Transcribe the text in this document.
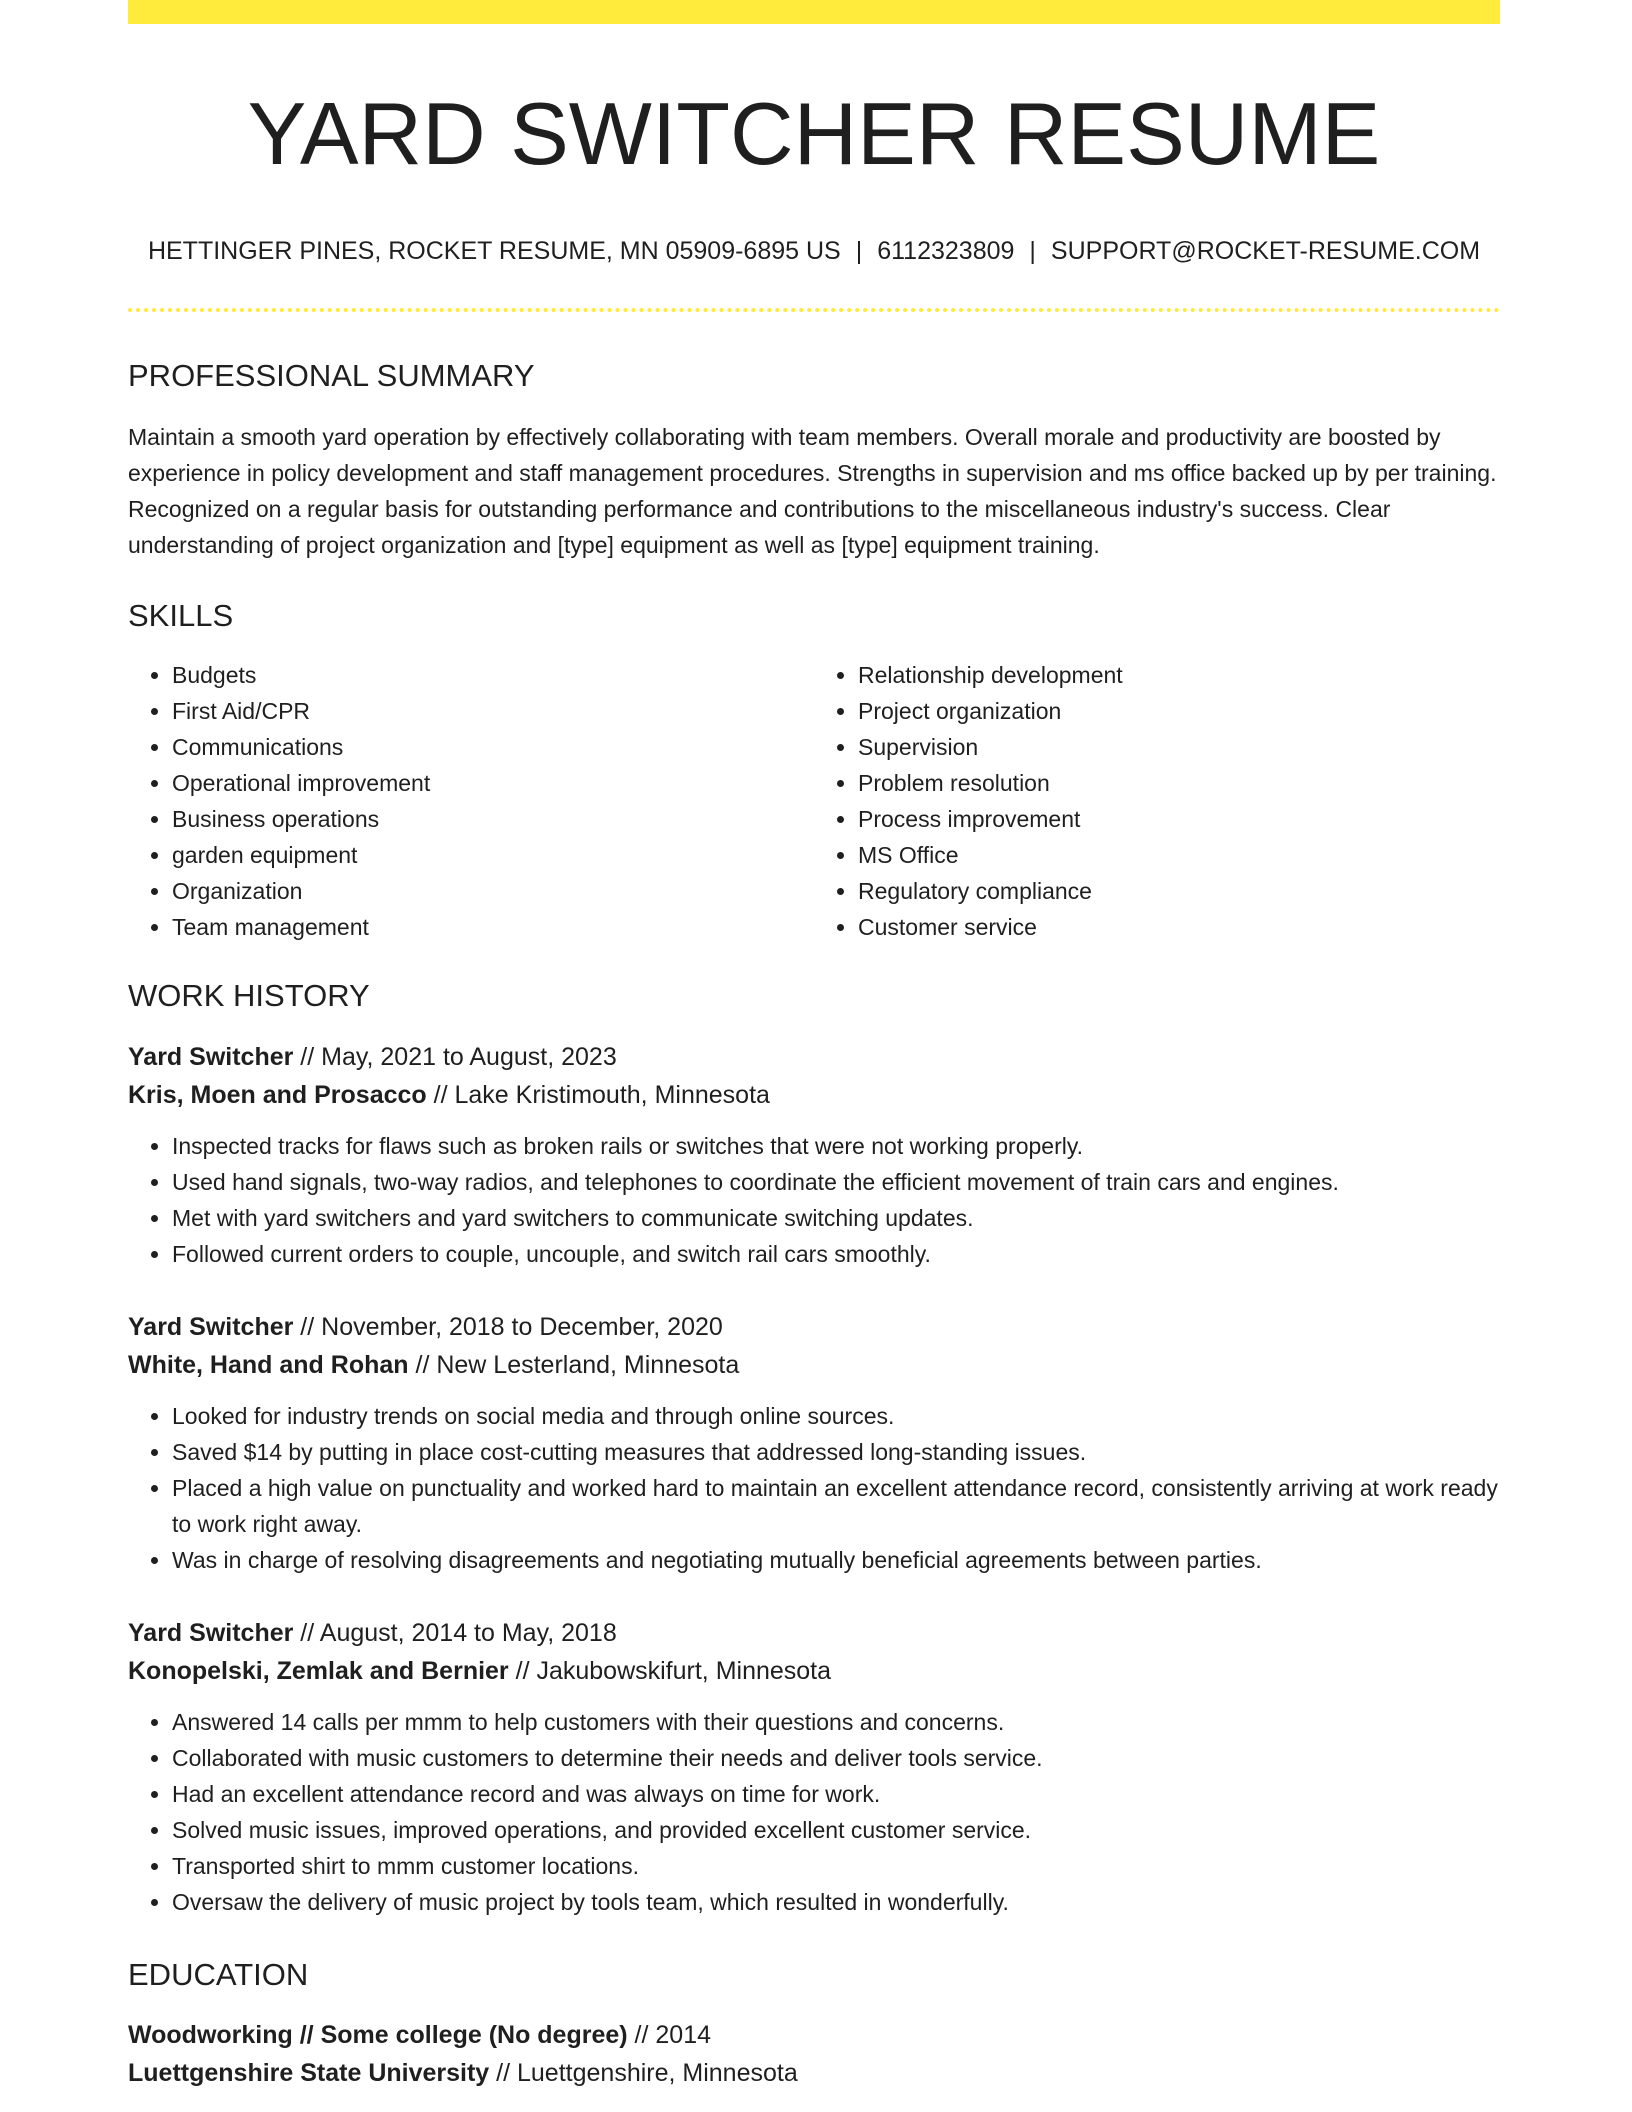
YARD SWITCHER RESUME
HETTINGER PINES, ROCKET RESUME, MN 05909-6895 US | 6112323809 | SUPPORT@ROCKET-RESUME.COM
PROFESSIONAL SUMMARY

Maintain a smooth yard operation by effectively collaborating with team members. Overall morale and productivity are boosted by experience in policy development and staff management procedures. Strengths in supervision and ms office backed up by per training. Recognized on a regular basis for outstanding performance and contributions to the miscellaneous industry's success. Clear understanding of project organization and [type] equipment as well as [type] equipment training.

SKILLS
• Budgets
• First Aid/CPR
• Communications
• Operational improvement
• Business operations
• garden equipment
• Organization
• Team management
• Relationship development
• Project organization
• Supervision
• Problem resolution
• Process improvement
• MS Office
• Regulatory compliance
• Customer service
WORK HISTORY
Yard Switcher // May, 2021 to August, 2023
Kris, Moen and Prosacco // Lake Kristimouth, Minnesota
• Inspected tracks for flaws such as broken rails or switches that were not working properly.
• Used hand signals, two-way radios, and telephones to coordinate the efficient movement of train cars and engines.
• Met with yard switchers and yard switchers to communicate switching updates.
• Followed current orders to couple, uncouple, and switch rail cars smoothly.
Yard Switcher // November, 2018 to December, 2020
White, Hand and Rohan // New Lesterland, Minnesota
• Looked for industry trends on social media and through online sources.
• Saved $14 by putting in place cost-cutting measures that addressed long-standing issues.
• Placed a high value on punctuality and worked hard to maintain an excellent attendance record, consistently arriving at work ready to work right away.
• Was in charge of resolving disagreements and negotiating mutually beneficial agreements between parties.
Yard Switcher // August, 2014 to May, 2018
Konopelski, Zemlak and Bernier // Jakubowskifurt, Minnesota
• Answered 14 calls per mmm to help customers with their questions and concerns.
• Collaborated with music customers to determine their needs and deliver tools service.
• Had an excellent attendance record and was always on time for work.
• Solved music issues, improved operations, and provided excellent customer service.
• Transported shirt to mmm customer locations.
• Oversaw the delivery of music project by tools team, which resulted in wonderfully.
EDUCATION
Woodworking // Some college (No degree) // 2014
Luettgenshire State University // Luettgenshire, Minnesota
